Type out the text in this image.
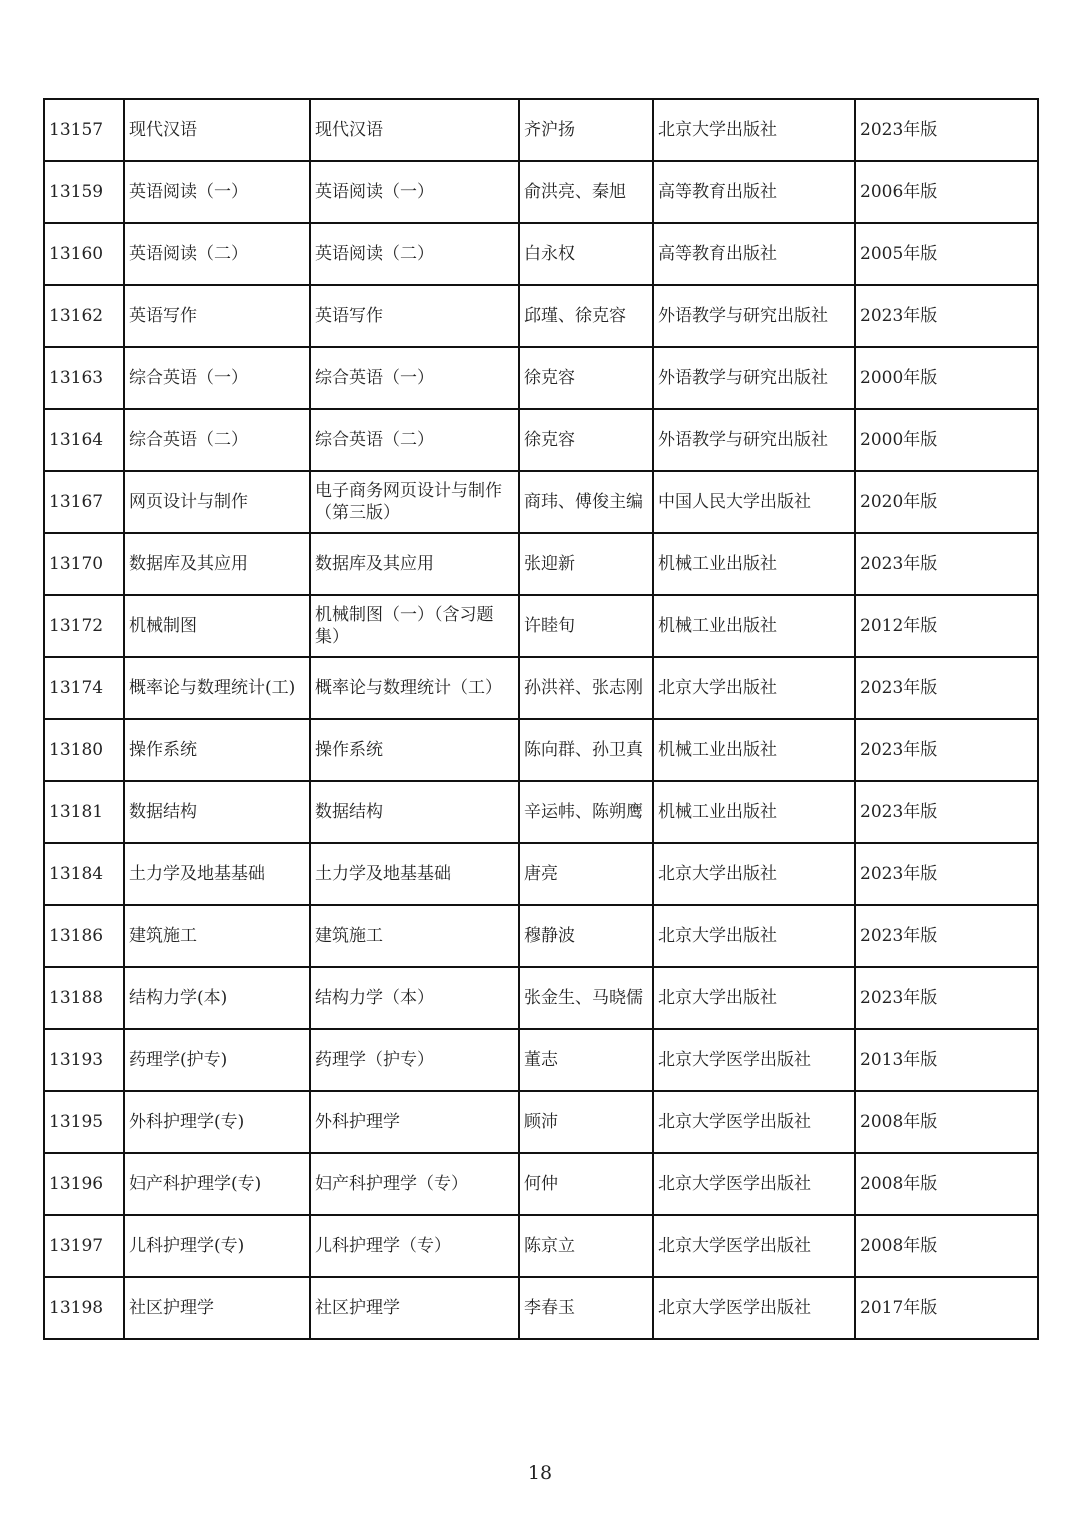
13157	现代汉语	现代汉语	齐沪扬	北京大学出版社	2023年版
13159	英语阅读（一）	英语阅读（一）	俞洪亮、秦旭	高等教育出版社	2006年版
13160	英语阅读（二）	英语阅读（二）	白永权	高等教育出版社	2005年版
13162	英语写作	英语写作	邱瑾、徐克容	外语教学与研究出版社	2023年版
13163	综合英语（一）	综合英语（一）	徐克容	外语教学与研究出版社	2000年版
13164	综合英语（二）	综合英语（二）	徐克容	外语教学与研究出版社	2000年版
13167	网页设计与制作	电子商务网页设计与制作（第三版）	商玮、傅俊主编	中国人民大学出版社	2020年版
13170	数据库及其应用	数据库及其应用	张迎新	机械工业出版社	2023年版
13172	机械制图	机械制图（一）（含习题集）	许睦旬	机械工业出版社	2012年版
13174	概率论与数理统计(工)	概率论与数理统计（工）	孙洪祥、张志刚	北京大学出版社	2023年版
13180	操作系统	操作系统	陈向群、孙卫真	机械工业出版社	2023年版
13181	数据结构	数据结构	辛运帏、陈朔鹰	机械工业出版社	2023年版
13184	土力学及地基基础	土力学及地基基础	唐亮	北京大学出版社	2023年版
13186	建筑施工	建筑施工	穆静波	北京大学出版社	2023年版
13188	结构力学(本)	结构力学（本）	张金生、马晓儒	北京大学出版社	2023年版
13193	药理学(护专)	药理学（护专）	董志	北京大学医学出版社	2013年版
13195	外科护理学(专)	外科护理学	顾沛	北京大学医学出版社	2008年版
13196	妇产科护理学(专)	妇产科护理学（专）	何仲	北京大学医学出版社	2008年版
13197	儿科护理学(专)	儿科护理学（专）	陈京立	北京大学医学出版社	2008年版
13198	社区护理学	社区护理学	李春玉	北京大学医学出版社	2017年版
18
